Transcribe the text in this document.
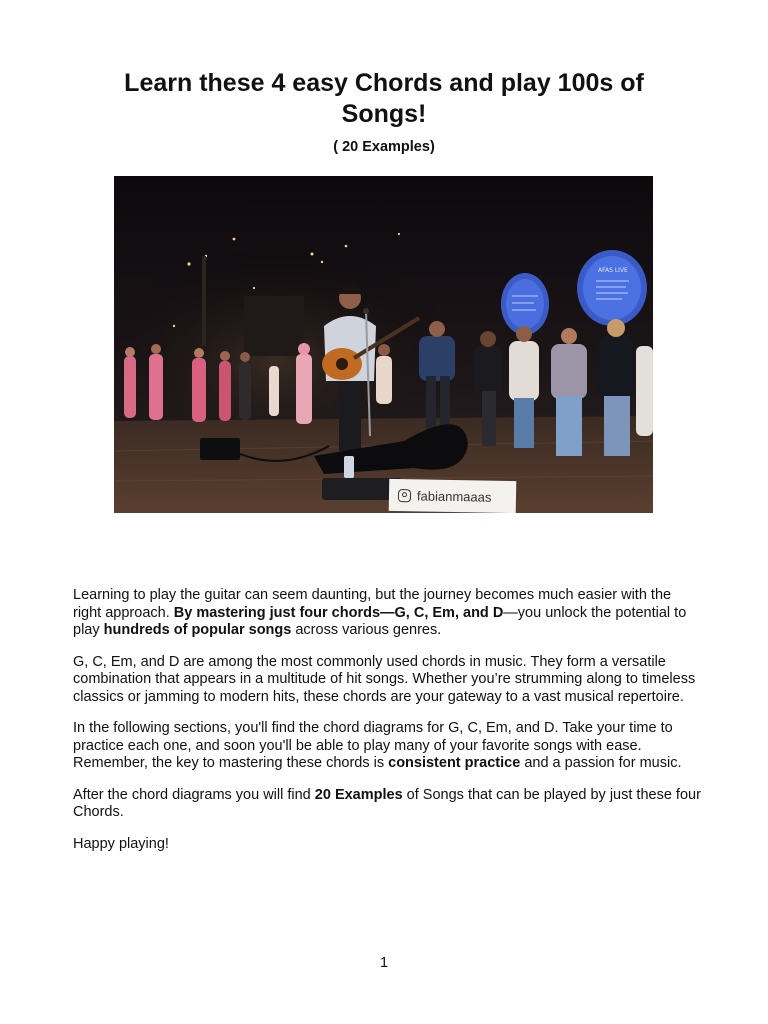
Learn these 4 easy Chords and play 100s of Songs!
( 20 Examples)
AFAS LIVE
fabianmaaas

Learning to play the guitar can seem daunting, but the journey becomes much easier with the right approach. By mastering just four chords—G, C, Em, and D—you unlock the potential to play hundreds of popular songs across various genres.

G, C, Em, and D are among the most commonly used chords in music. They form a versatile combination that appears in a multitude of hit songs. Whether you’re strumming along to timeless classics or jamming to modern hits, these chords are your gateway to a vast musical repertoire.

In the following sections, you'll find the chord diagrams for G, C, Em, and D. Take your time to practice each one, and soon you'll be able to play many of your favorite songs with ease. Remember, the key to mastering these chords is consistent practice and a passion for music.

After the chord diagrams you will find 20 Examples of Songs that can be played by just these four Chords.

Happy playing!

1
